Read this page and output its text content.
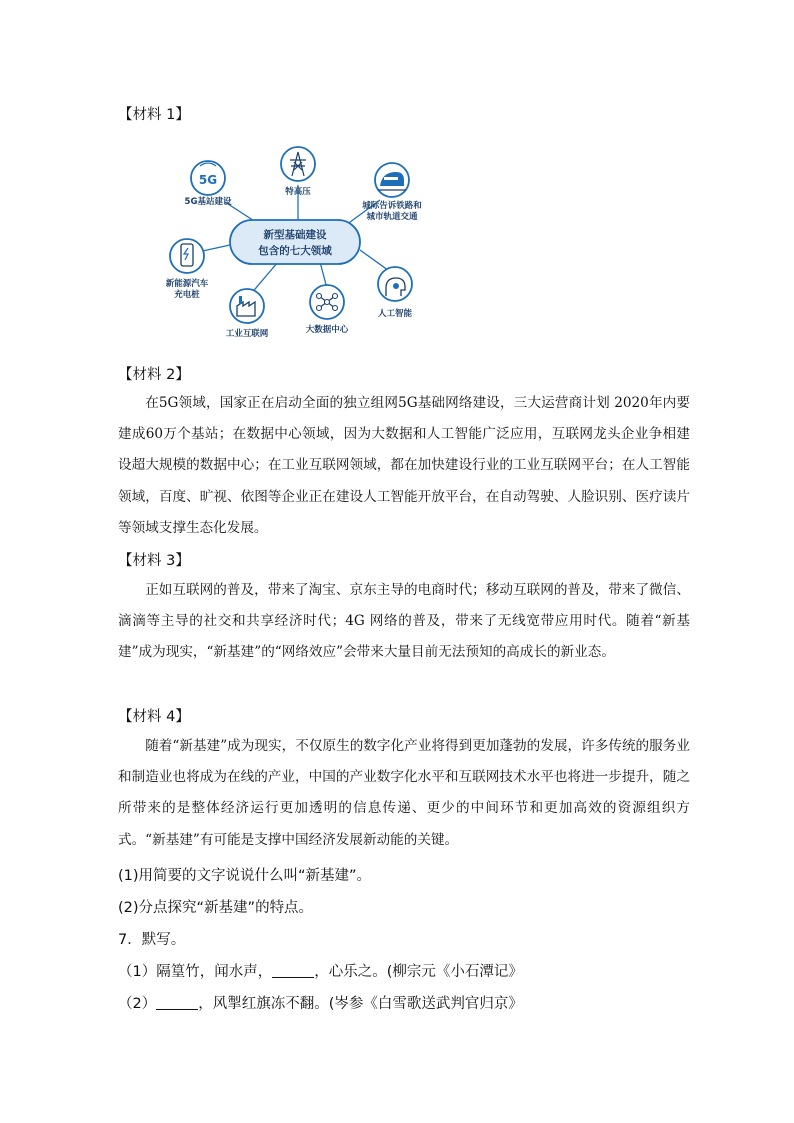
【材料 1】
新型基础建设
包含的七大领域
5G
5G基站建设
特高压
城际告诉铁路和
城市轨道交通
新能源汽车
充电桩
人工智能
工业互联网	大数据中心
【材料 2】

在5G领域，国家正在启动全面的独立组网5G基础网络建设，三大运营商计划 2020年内要建成60万个基站；在数据中心领域，因为大数据和人工智能广泛应用，互联网龙头企业争相建设超大规模的数据中心；在工业互联网领域，都在加快建设行业的工业互联网平台；在人工智能领域，百度、旷视、依图等企业正在建设人工智能开放平台，在自动驾驶、人脸识别、医疗读片等领域支撑生态化发展。

【材料 3】

正如互联网的普及，带来了淘宝、京东主导的电商时代；移动互联网的普及，带来了微信、滴滴等主导的社交和共享经济时代；4G 网络的普及，带来了无线宽带应用时代。随着“新基建”成为现实，“新基建”的“网络效应”会带来大量目前无法预知的高成长的新业态。

【材料 4】

随着“新基建”成为现实，不仅原生的数字化产业将得到更加蓬勃的发展，许多传统的服务业和制造业也将成为在线的产业，中国的产业数字化水平和互联网技术水平也将进一步提升，随之所带来的是整体经济运行更加透明的信息传递、更少的中间环节和更加高效的资源组织方式。“新基建”有可能是支撑中国经济发展新动能的关键。

(1)用简要的文字说说什么叫“新基建”。
(2)分点探究“新基建”的特点。
7．默写。
（1）隔篁竹，闻水声，	，心乐之。(柳宗元《小石潭记》
（2）	，风掣红旗冻不翻。(岑参《白雪歌送武判官归京》
